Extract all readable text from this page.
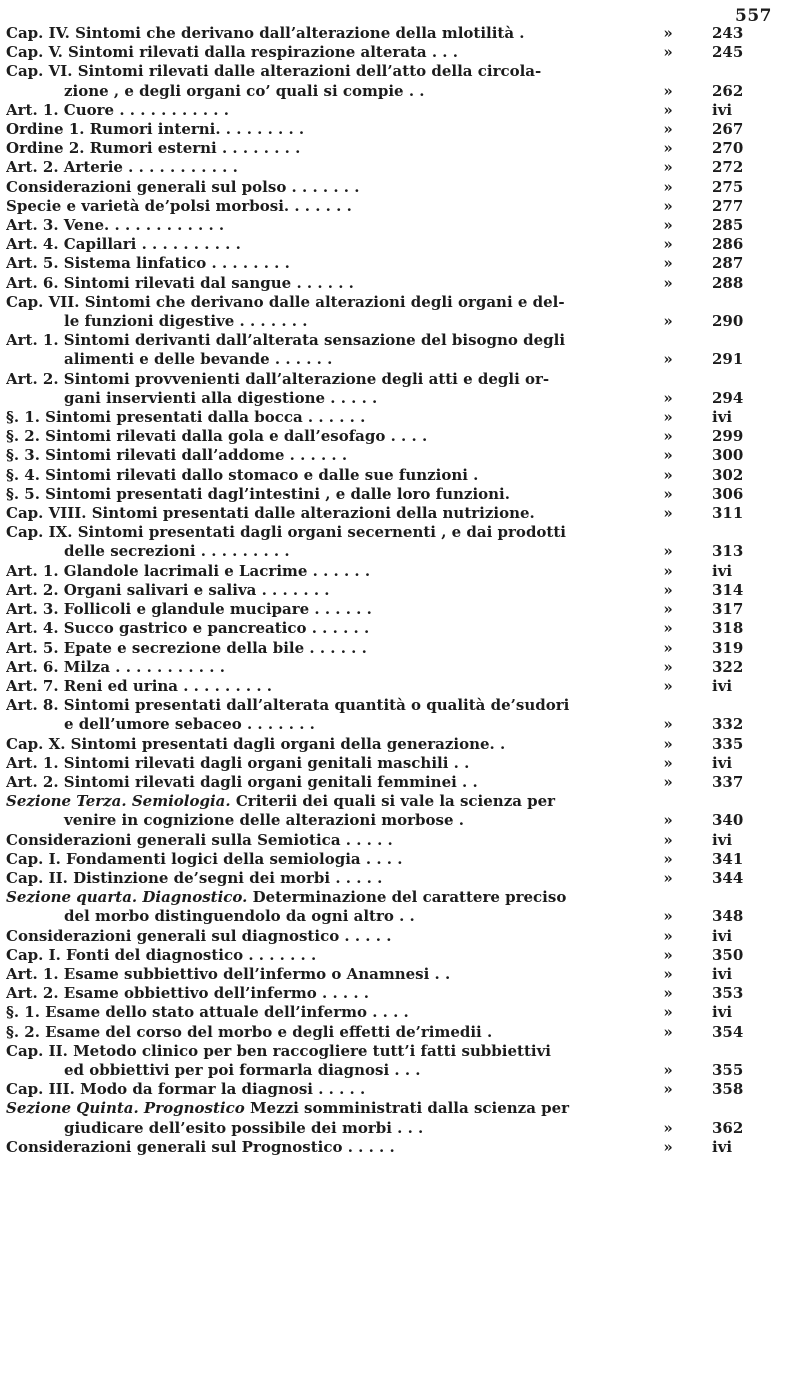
557
Cap. IV. Sintomi che derivano dall’alterazione della mlotilità .	»	243
Cap. V. Sintomi rilevati dalla respirazione alterata . . .	»	245
Cap. VI. Sintomi rilevati dalle alterazioni dell’atto della circola-
zione , e degli organi co’ quali si compie . .	»	262
Art. 1. Cuore . . . . . . . . . . .	»	ivi
Ordine 1. Rumori interni. . . . . . . . .	»	267
Ordine 2. Rumori esterni . . . . . . . .	»	270
Art. 2. Arterie . . . . . . . . . . .	»	272
Considerazioni generali sul polso . . . . . . .	»	275
Specie e varietà de’polsi morbosi. . . . . . .	»	277
Art. 3. Vene. . . . . . . . . . . .	»	285
Art. 4. Capillari . . . . . . . . . .	»	286
Art. 5. Sistema linfatico . . . . . . . .	»	287
Art. 6. Sintomi rilevati dal sangue . . . . . .	»	288
Cap. VII. Sintomi che derivano dalle alterazioni degli organi e del-
le funzioni digestive . . . . . . .	»	290
Art. 1. Sintomi derivanti dall’alterata sensazione del bisogno degli
alimenti e delle bevande . . . . . .	»	291
Art. 2. Sintomi provvenienti dall’alterazione degli atti e degli or-
gani inservienti alla digestione . . . . .	»	294
§. 1. Sintomi presentati dalla bocca . . . . . .	»	ivi
§. 2. Sintomi rilevati dalla gola e dall’esofago . . . .	»	299
§. 3. Sintomi rilevati dall’addome . . . . . .	»	300
§. 4. Sintomi rilevati dallo stomaco e dalle sue funzioni .	»	302
§. 5. Sintomi presentati dagl’intestini , e dalle loro funzioni.	»	306
Cap. VIII. Sintomi presentati dalle alterazioni della nutrizione.	»	311
Cap. IX. Sintomi presentati dagli organi secernenti , e dai prodotti
delle secrezioni . . . . . . . . .	»	313
Art. 1. Glandole lacrimali e Lacrime . . . . . .	»	ivi
Art. 2. Organi salivari e saliva . . . . . . .	»	314
Art. 3. Follicoli e glandule mucipare . . . . . .	»	317
Art. 4. Succo gastrico e pancreatico . . . . . .	»	318
Art. 5. Epate e secrezione della bile . . . . . .	»	319
Art. 6. Milza . . . . . . . . . . .	»	322
Art. 7. Reni ed urina . . . . . . . . .	»	ivi
Art. 8. Sintomi presentati dall’alterata quantità o qualità de’sudori
e dell’umore sebaceo . . . . . . .	»	332
Cap. X. Sintomi presentati dagli organi della generazione. .	»	335
Art. 1. Sintomi rilevati dagli organi genitali maschili . .	»	ivi
Art. 2. Sintomi rilevati dagli organi genitali femminei . .	»	337
Sezione Terza. Semiologia. Criterii dei quali si vale la scienza per
venire in cognizione delle alterazioni morbose .	»	340
Considerazioni generali sulla Semiotica . . . . .	»	ivi
Cap. I. Fondamenti logici della semiologia . . . .	»	341
Cap. II. Distinzione de’segni dei morbi . . . . .	»	344
Sezione quarta. Diagnostico. Determinazione del carattere preciso
del morbo distinguendolo da ogni altro . .	»	348
Considerazioni generali sul diagnostico . . . . .	»	ivi
Cap. I. Fonti del diagnostico . . . . . . .	»	350
Art. 1. Esame subbiettivo dell’infermo o Anamnesi . .	»	ivi
Art. 2. Esame obbiettivo dell’infermo . . . . .	»	353
§. 1. Esame dello stato attuale dell’infermo . . . .	»	ivi
§. 2. Esame del corso del morbo e degli effetti de’rimedii .	»	354
Cap. II. Metodo clinico per ben raccogliere tutt’i fatti subbiettivi
ed obbiettivi per poi formarla diagnosi . . .	»	355
Cap. III. Modo da formar la diagnosi . . . . .	»	358
Sezione Quinta. Prognostico Mezzi somministrati dalla scienza per
giudicare dell’esito possibile dei morbi . . .	»	362
Considerazioni generali sul Prognostico . . . . .	»	ivi
